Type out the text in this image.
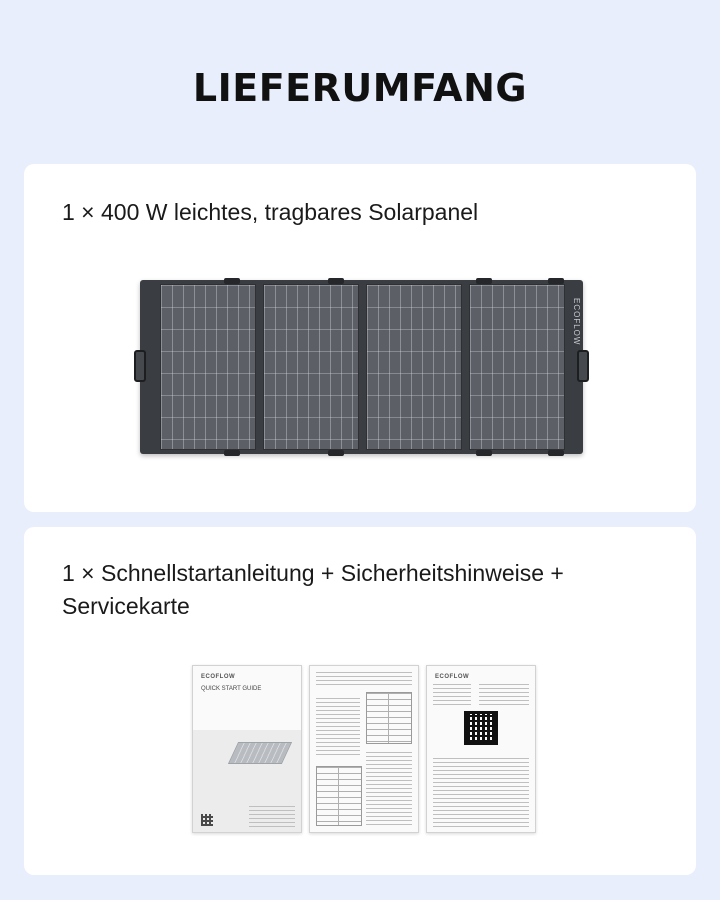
LIEFERUMFANG

1 × 400 W leichtes, tragbares Solarpanel

ECOFLOW

1 × Schnellstartanleitung + Sicherheitshinweise + Servicekarte

ECOFLOW
QUICK START GUIDE
ECOFLOW
